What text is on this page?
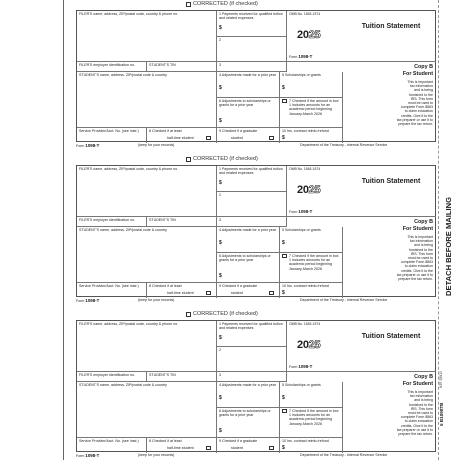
CORRECTED (if checked)
FILER'S name, address, ZIP/postal code, country & phone no.	1 Payments received for qualified tuition and related expenses
$
2
OMB No. 1545-1574
2025
Form 1098-T
Tuition Statement
FILER'S employer identification no.	STUDENT'S TIN	3
STUDENT'S name, address, ZIP/postal code & country	4 Adjustments made for a prior year
$
5 Scholarships or grants
$
6 Adjustments to scholarships or grants for a prior year
$
7 Checked if the amount in box 1 includes amounts for an academic period beginning January-March 2026
Copy B
For Student
This is important
tax information
and is being
furnished to the
IRS. This form
must be used to
complete Form 8863
to claim education
credits. Give it to the
tax preparer or use it to
prepare the tax return.
Service Provider/Acct. No. (see instr.)	8 Checked if at least
half-time student
9 Checked if a graduate
student
10 Ins. contract reimb./refund
$
Form 1098-T	(keep for your records)	Department of the Treasury - Internal Revenue Service
CORRECTED (if checked)
FILER'S name, address, ZIP/postal code, country & phone no.	1 Payments received for qualified tuition and related expenses
$
2
OMB No. 1545-1574
2025
Form 1098-T
Tuition Statement
FILER'S employer identification no.	STUDENT'S TIN	3
STUDENT'S name, address, ZIP/postal code & country	4 Adjustments made for a prior year
$
5 Scholarships or grants
$
6 Adjustments to scholarships or grants for a prior year
$
7 Checked if the amount in box 1 includes amounts for an academic period beginning January-March 2026
Copy B
For Student
This is important
tax information
and is being
furnished to the
IRS. This form
must be used to
complete Form 8863
to claim education
credits. Give it to the
tax preparer or use it to
prepare the tax return.
Service Provider/Acct. No. (see instr.)	8 Checked if at least
half-time student
9 Checked if a graduate
student
10 Ins. contract reimb./refund
$
Form 1098-T	(keep for your records)	Department of the Treasury - Internal Revenue Service
CORRECTED (if checked)
FILER'S name, address, ZIP/postal code, country & phone no.	1 Payments received for qualified tuition and related expenses
$
2
OMB No. 1545-1574
2025
Form 1098-T
Tuition Statement
FILER'S employer identification no.	STUDENT'S TIN	3
STUDENT'S name, address, ZIP/postal code & country	4 Adjustments made for a prior year
$
5 Scholarships or grants
$
6 Adjustments to scholarships or grants for a prior year
$
7 Checked if the amount in box 1 includes amounts for an academic period beginning January-March 2026
Copy B
For Student
This is important
tax information
and is being
furnished to the
IRS. This form
must be used to
complete Form 8863
to claim education
credits. Give it to the
tax preparer or use it to
prepare the tax return.
Service Provider/Acct. No. (see instr.)	8 Checked if at least
half-time student
9 Checked if a graduate
student
10 Ins. contract reimb./refund
$
Form 1098-T	(keep for your records)	Department of the Treasury - Internal Revenue Service
5 B1098TB
NTF 25910
DETACH BEFORE MAILING
